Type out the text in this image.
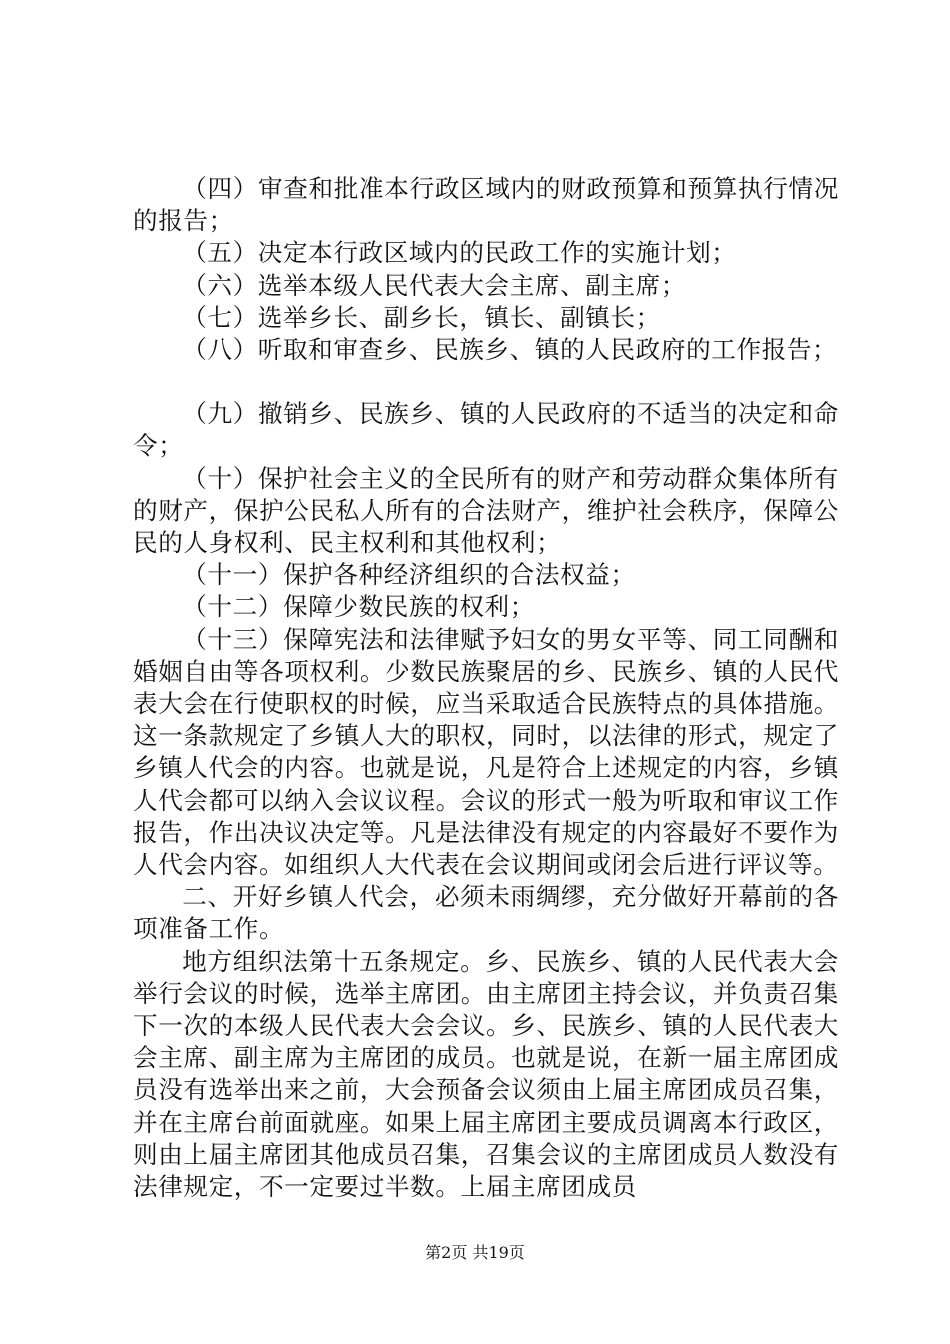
（四）审查和批准本行政区域内的财政预算和预算执行情况的报告；

（五）决定本行政区域内的民政工作的实施计划；

（六）选举本级人民代表大会主席、副主席；

（七）选举乡长、副乡长，镇长、副镇长；

（八）听取和审查乡、民族乡、镇的人民政府的工作报告；

（九）撤销乡、民族乡、镇的人民政府的不适当的决定和命令；

（十）保护社会主义的全民所有的财产和劳动群众集体所有的财产，保护公民私人所有的合法财产，维护社会秩序，保障公民的人身权利、民主权利和其他权利；

（十一）保护各种经济组织的合法权益；

（十二）保障少数民族的权利；

（十三）保障宪法和法律赋予妇女的男女平等、同工同酬和婚姻自由等各项权利。少数民族聚居的乡、民族乡、镇的人民代表大会在行使职权的时候，应当采取适合民族特点的具体措施。这一条款规定了乡镇人大的职权，同时，以法律的形式，规定了乡镇人代会的内容。也就是说，凡是符合上述规定的内容，乡镇人代会都可以纳入会议议程。会议的形式一般为听取和审议工作报告，作出决议决定等。凡是法律没有规定的内容最好不要作为人代会内容。如组织人大代表在会议期间或闭会后进行评议等。

二、开好乡镇人代会，必须未雨绸缪，充分做好开幕前的各项准备工作。

地方组织法第十五条规定。乡、民族乡、镇的人民代表大会举行会议的时候，选举主席团。由主席团主持会议，并负责召集下一次的本级人民代表大会会议。乡、民族乡、镇的人民代表大会主席、副主席为主席团的成员。也就是说，在新一届主席团成员没有选举出来之前，大会预备会议须由上届主席团成员召集，并在主席台前面就座。如果上届主席团主要成员调离本行政区，则由上届主席团其他成员召集，召集会议的主席团成员人数没有法律规定，不一定要过半数。上届主席团成员

第2页 共19页
